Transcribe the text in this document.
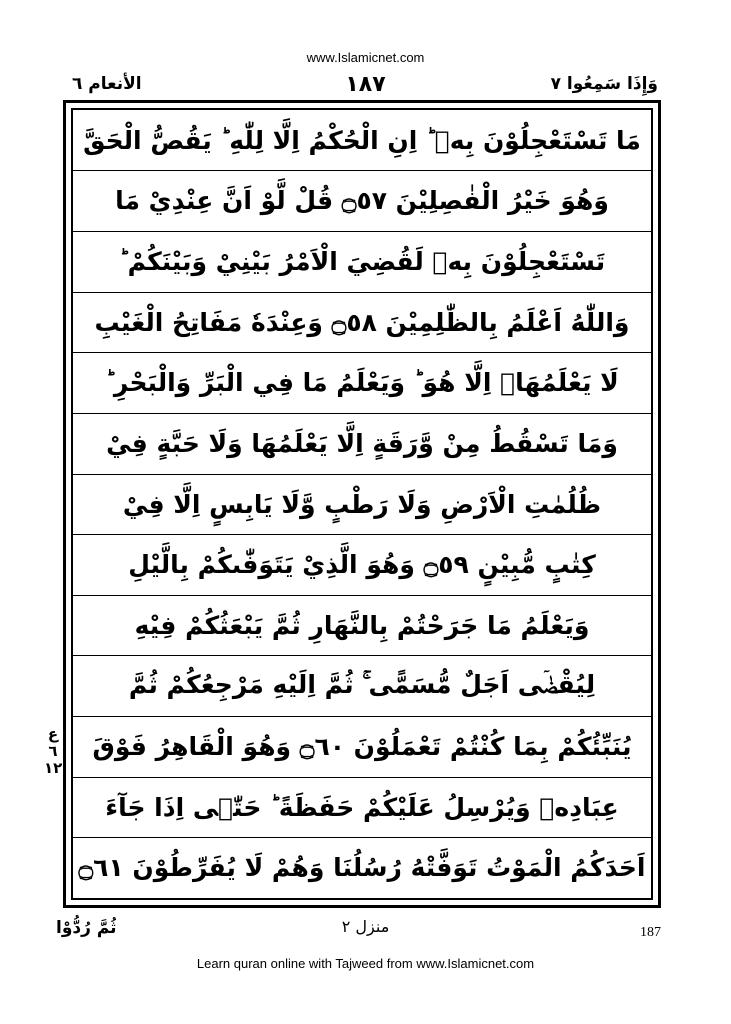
www.Islamicnet.com
الأنعام ٦	١٨٧	وَإِذَا سَمِعُوا ٧
مَا تَسْتَعْجِلُوْنَ بِهٖ ؕ اِنِ الْحُكْمُ اِلَّا لِلّٰهِ ؕ يَقُصُّ الْحَقَّ
وَهُوَ خَيْرُ الْفٰصِلِيْنَ ۝٥٧ قُلْ لَّوْ اَنَّ عِنْدِيْ مَا
تَسْتَعْجِلُوْنَ بِهٖ لَقُضِيَ الْاَمْرُ بَيْنِيْ وَبَيْنَكُمْ ؕ
وَاللّٰهُ اَعْلَمُ بِالظّٰلِمِيْنَ ۝٥٨ وَعِنْدَهٗ مَفَاتِحُ الْغَيْبِ
لَا يَعْلَمُهَاۤ اِلَّا هُوَ ؕ وَيَعْلَمُ مَا فِي الْبَرِّ وَالْبَحْرِ ؕ
وَمَا تَسْقُطُ مِنْ وَّرَقَةٍ اِلَّا يَعْلَمُهَا وَلَا حَبَّةٍ فِيْ
ظُلُمٰتِ الْاَرْضِ وَلَا رَطْبٍ وَّلَا يَابِسٍ اِلَّا فِيْ
كِتٰبٍ مُّبِيْنٍ ۝٥٩ وَهُوَ الَّذِيْ يَتَوَفّٰىكُمْ بِالَّيْلِ
وَيَعْلَمُ مَا جَرَحْتُمْ بِالنَّهَارِ ثُمَّ يَبْعَثُكُمْ فِيْهِ
لِيُقْضٰۤى اَجَلٌ مُّسَمًّى ۚ ثُمَّ اِلَيْهِ مَرْجِعُكُمْ ثُمَّ
يُنَبِّئُكُمْ بِمَا كُنْتُمْ تَعْمَلُوْنَ ۝٦٠ وَهُوَ الْقَاهِرُ فَوْقَ
عِبَادِهٖ وَيُرْسِلُ عَلَيْكُمْ حَفَظَةً ؕ حَتّٰۤى اِذَا جَآءَ
اَحَدَكُمُ الْمَوْتُ تَوَفَّتْهُ رُسُلُنَا وَهُمْ لَا يُفَرِّطُوْنَ ۝٦١
ع ٦ ١٢
ثُمَّ رُدُّوْا	منزل ٢	187
Learn quran online with Tajweed from www.Islamicnet.com
